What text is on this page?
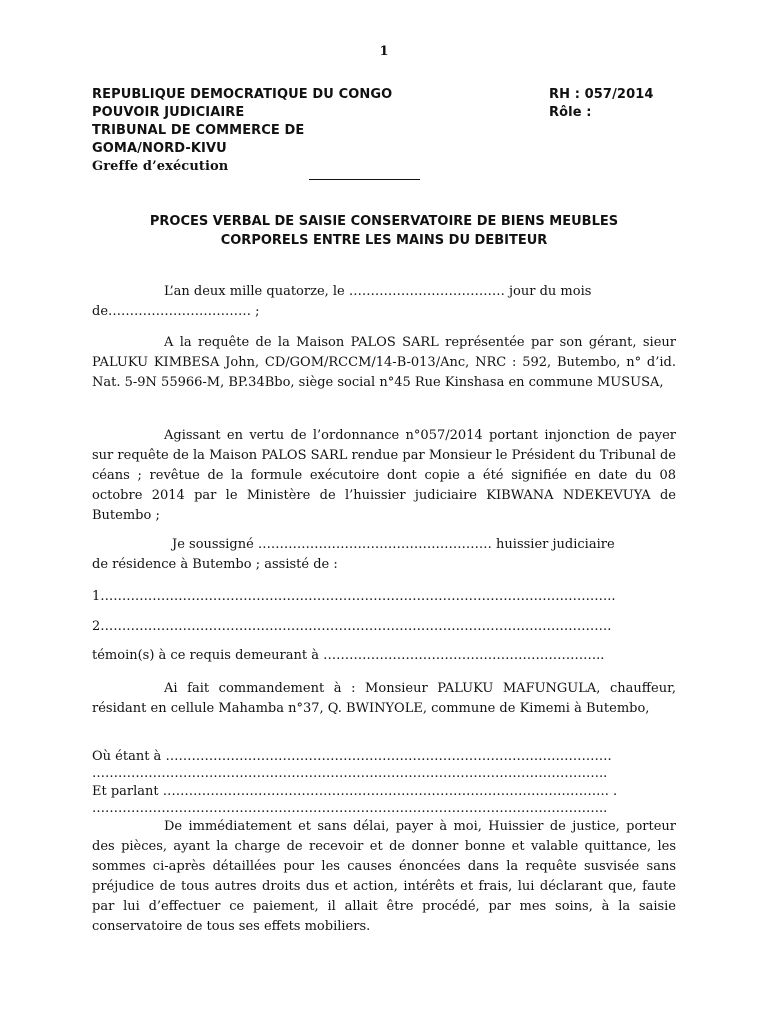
1
REPUBLIQUE DEMOCRATIQUE DU CONGO
POUVOIR JUDICIAIRE
TRIBUNAL DE COMMERCE DE
GOMA/NORD-KIVU
Greffe d’exécution
RH : 057/2014
Rôle :
PROCES VERBAL DE SAISIE CONSERVATOIRE DE BIENS MEUBLES
CORPORELS ENTRE LES MAINS DU DEBITEUR
L’an deux mille quatorze, le ……………………………… jour du mois
de…………………………… ;
A la requête de la Maison PALOS SARL représentée par son gérant, sieur PALUKU KIMBESA John, CD/GOM/RCCM/14-B-013/Anc, NRC : 592, Butembo, n° d’id. Nat. 5-9N 55966-M, BP.34Bbo, siège social n°45 Rue Kinshasa en commune MUSUSA,
Agissant en vertu de l’ordonnance n°057/2014 portant injonction de payer sur requête de la Maison PALOS SARL rendue par Monsieur le Président du Tribunal de céans ; revêtue de la formule exécutoire dont copie a été signifiée en date du 08 octobre 2014 par le Ministère de l’huissier judiciaire KIBWANA NDEKEVUYA de Butembo ;
Je soussigné ……………………………………………… huissier judiciaire
de résidence à Butembo ; assisté de :
1………………………………………………………………………………………………………..
2……………………………………………………………………………………………………….
témoin(s) à ce requis demeurant à ………………………………………………………..
Ai fait commandement à : Monsieur PALUKU MAFUNGULA, chauffeur, résidant en cellule Mahamba n°37, Q. BWINYOLE, commune de Kimemi à Butembo,
Où étant à ………………………………………………………………………………………….
………………………………………………………………………………………………………..
Et parlant …………………………………………………………………………………………. .
………………………………………………………………………………………………………..
De immédiatement et sans délai, payer à moi, Huissier de justice, porteur des pièces, ayant la charge de recevoir et de donner bonne et valable quittance, les sommes ci-après détaillées pour les causes énoncées dans la requête susvisée sans préjudice de tous autres droits dus et action, intérêts et frais, lui déclarant que, faute par lui d’effectuer ce paiement, il allait être procédé, par mes soins, à la saisie conservatoire de tous ses effets mobiliers.
